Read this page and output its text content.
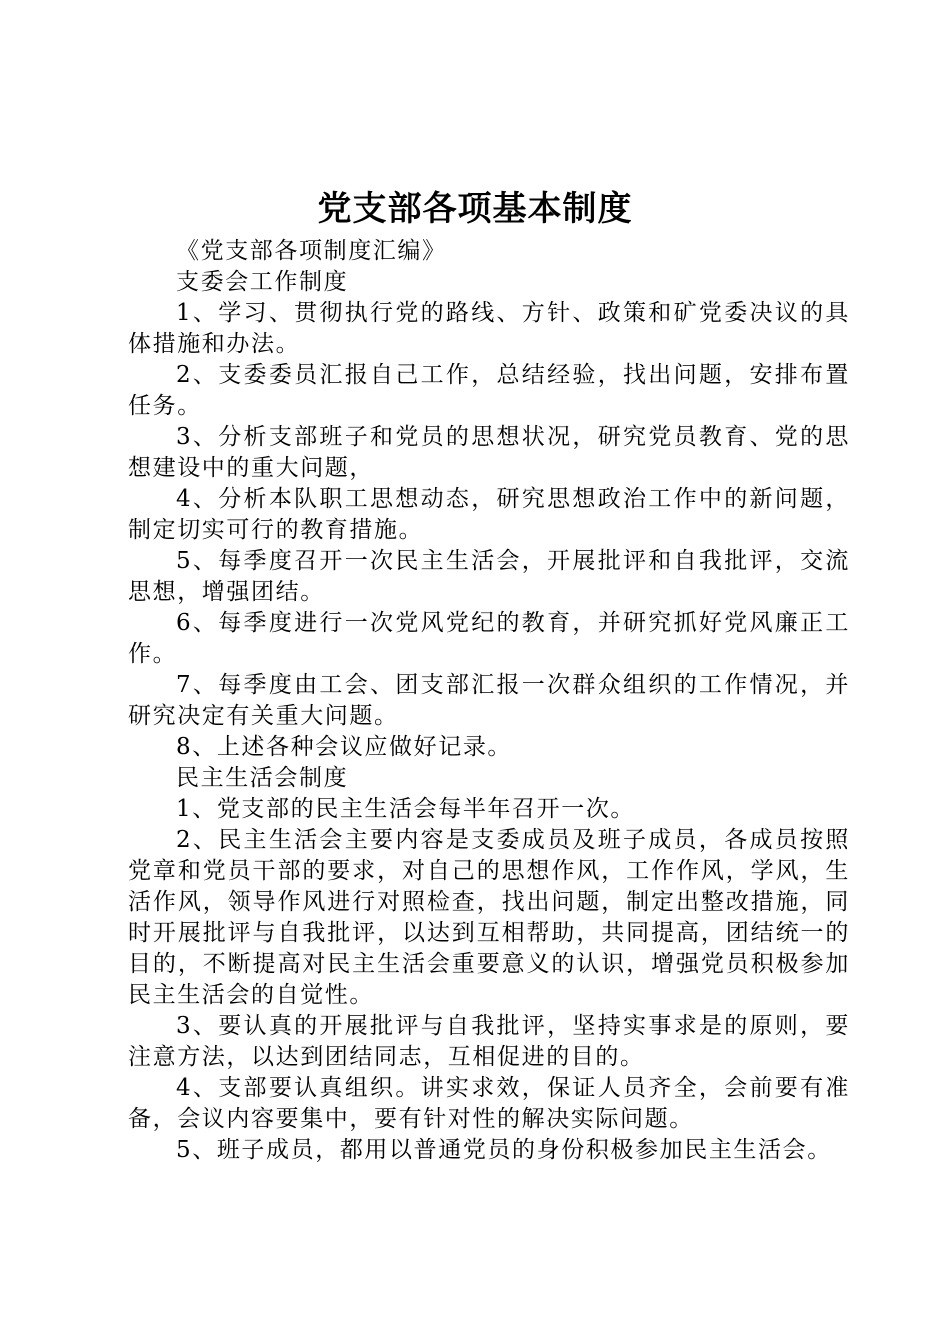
党支部各项基本制度

《党支部各项制度汇编》

支委会工作制度

1、学习、贯彻执行党的路线、方针、政策和矿党委决议的具体措施和办法。

2、支委委员汇报自己工作，总结经验，找出问题，安排布置任务。

3、分析支部班子和党员的思想状况，研究党员教育、党的思想建设中的重大问题，

4、分析本队职工思想动态，研究思想政治工作中的新问题，制定切实可行的教育措施。

5、每季度召开一次民主生活会，开展批评和自我批评，交流思想，增强团结。

6、每季度进行一次党风党纪的教育，并研究抓好党风廉正工作。

7、每季度由工会、团支部汇报一次群众组织的工作情况，并研究决定有关重大问题。

8、上述各种会议应做好记录。

民主生活会制度

1、党支部的民主生活会每半年召开一次。

2、民主生活会主要内容是支委成员及班子成员，各成员按照党章和党员干部的要求，对自己的思想作风，工作作风，学风，生活作风，领导作风进行对照检查，找出问题，制定出整改措施，同时开展批评与自我批评，以达到互相帮助，共同提高，团结统一的目的，不断提高对民主生活会重要意义的认识，增强党员积极参加民主生活会的自觉性。

3、要认真的开展批评与自我批评，坚持实事求是的原则，要注意方法，以达到团结同志，互相促进的目的。

4、支部要认真组织。讲实求效，保证人员齐全，会前要有准备，会议内容要集中，要有针对性的解决实际问题。

5、班子成员，都用以普通党员的身份积极参加民主生活会。
